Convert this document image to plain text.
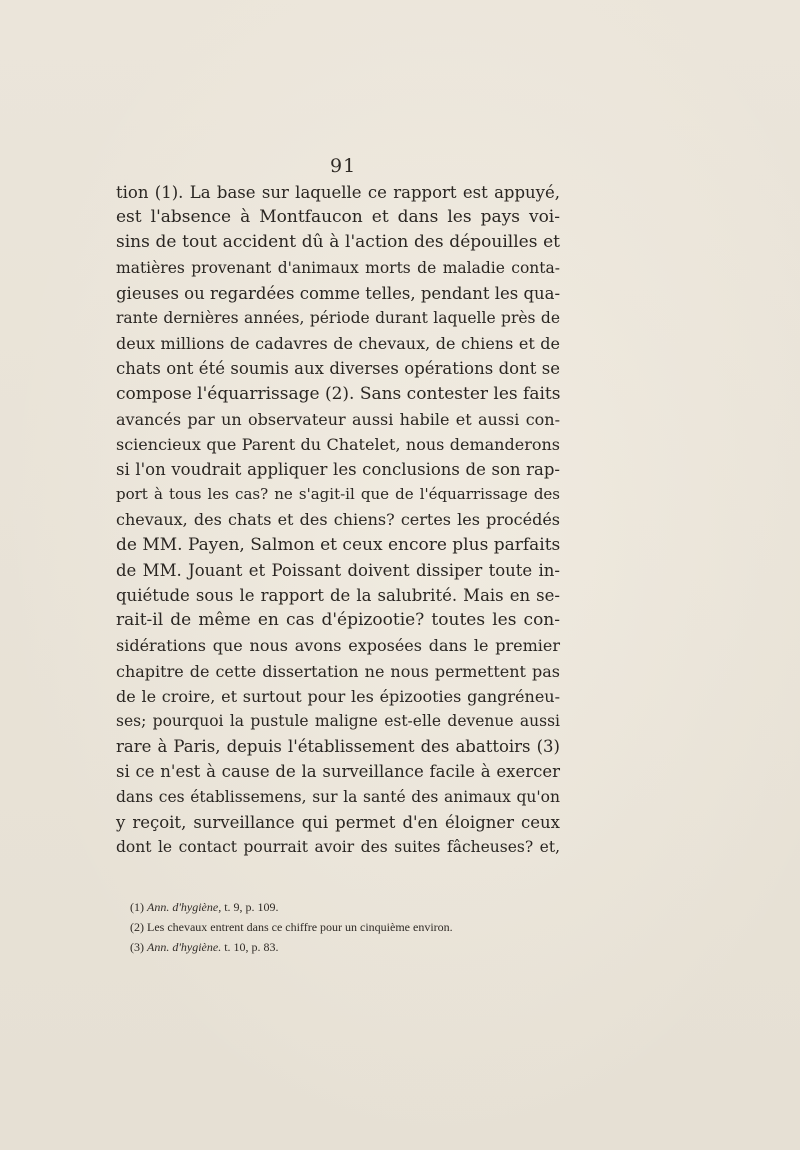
91
tion (1). La base sur laquelle ce rapport est appuyé,
est l'absence à Montfaucon et dans les pays voi-
sins de tout accident dû à l'action des dépouilles et
matières provenant d'animaux morts de maladie conta-
gieuses ou regardées comme telles, pendant les qua-
rante dernières années, période durant laquelle près de
deux millions de cadavres de chevaux, de chiens et de
chats ont été soumis aux diverses opérations dont se
compose l'équarrissage (2). Sans contester les faits
avancés par un observateur aussi habile et aussi con-
sciencieux que Parent du Chatelet, nous demanderons
si l'on voudrait appliquer les conclusions de son rap-
port à tous les cas? ne s'agit-il que de l'équarrissage des
chevaux, des chats et des chiens? certes les procédés
de MM. Payen, Salmon et ceux encore plus parfaits
de MM. Jouant et Poissant doivent dissiper toute in-
quiétude sous le rapport de la salubrité. Mais en se-
rait-il de même en cas d'épizootie? toutes les con-
sidérations que nous avons exposées dans le premier
chapitre de cette dissertation ne nous permettent pas
de le croire, et surtout pour les épizooties gangréneu-
ses; pourquoi la pustule maligne est-elle devenue aussi
rare à Paris, depuis l'établissement des abattoirs (3)
si ce n'est à cause de la surveillance facile à exercer
dans ces établissemens, sur la santé des animaux qu'on
y reçoit, surveillance qui permet d'en éloigner ceux
dont le contact pourrait avoir des suites fâcheuses? et,
(1) Ann. d'hygiène, t. 9, p. 109.
(2) Les chevaux entrent dans ce chiffre pour un cinquième environ.
(3) Ann. d'hygiène. t. 10, p. 83.
